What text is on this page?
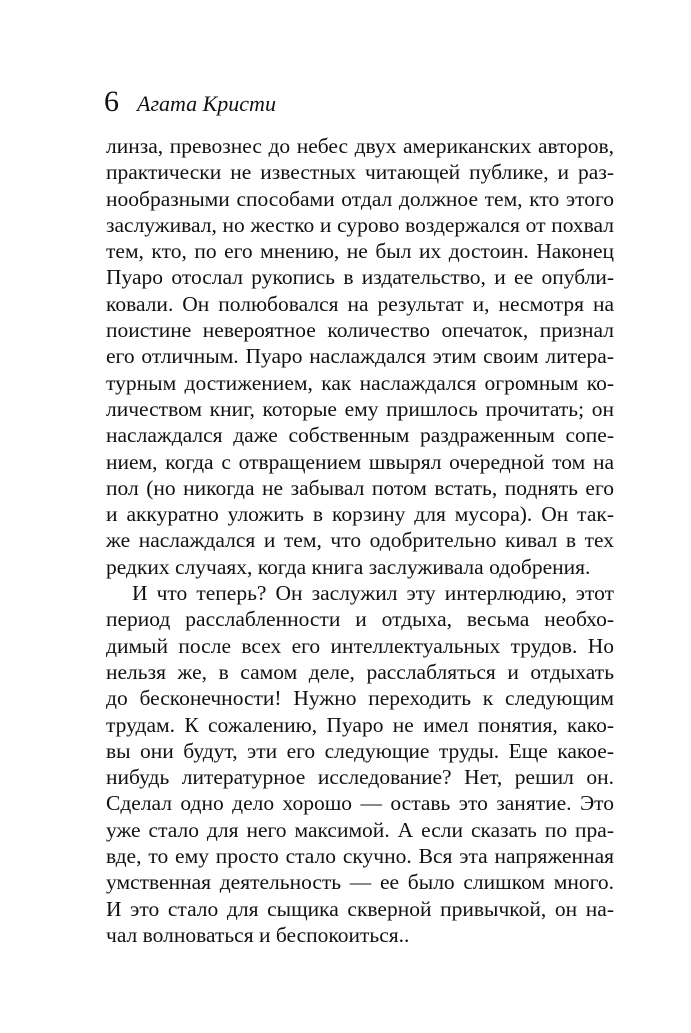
6 Агата Кристи
линза, превознес до небес двух американских авторов,
практически не известных читающей публике, и раз-
нообразными способами отдал должное тем, кто этого
заслуживал, но жестко и сурово воздержался от похвал
тем, кто, по его мнению, не был их достоин. Наконец
Пуаро отослал рукопись в издательство, и ее опубли-
ковали. Он полюбовался на результат и, несмотря на
поистине невероятное количество опечаток, признал
его отличным. Пуаро наслаждался этим своим литера-
турным достижением, как наслаждался огромным ко-
личеством книг, которые ему пришлось прочитать; он
наслаждался даже собственным раздраженным сопе-
нием, когда с отвращением швырял очередной том на
пол (но никогда не забывал потом встать, поднять его
и аккуратно уложить в корзину для мусора). Он так-
же наслаждался и тем, что одобрительно кивал в тех
редких случаях, когда книга заслуживала одобрения.
И что теперь? Он заслужил эту интерлюдию, этот
период расслабленности и отдыха, весьма необхо-
димый после всех его интеллектуальных трудов. Но
нельзя же, в самом деле, расслабляться и отдыхать
до бесконечности! Нужно переходить к следующим
трудам. К сожалению, Пуаро не имел понятия, како-
вы они будут, эти его следующие труды. Еще какое-
нибудь литературное исследование? Нет, решил он.
Сделал одно дело хорошо — оставь это занятие. Это
уже стало для него максимой. А если сказать по пра-
вде, то ему просто стало скучно. Вся эта напряженная
умственная деятельность — ее было слишком много.
И это стало для сыщика скверной привычкой, он на-
чал волноваться и беспокоиться..
